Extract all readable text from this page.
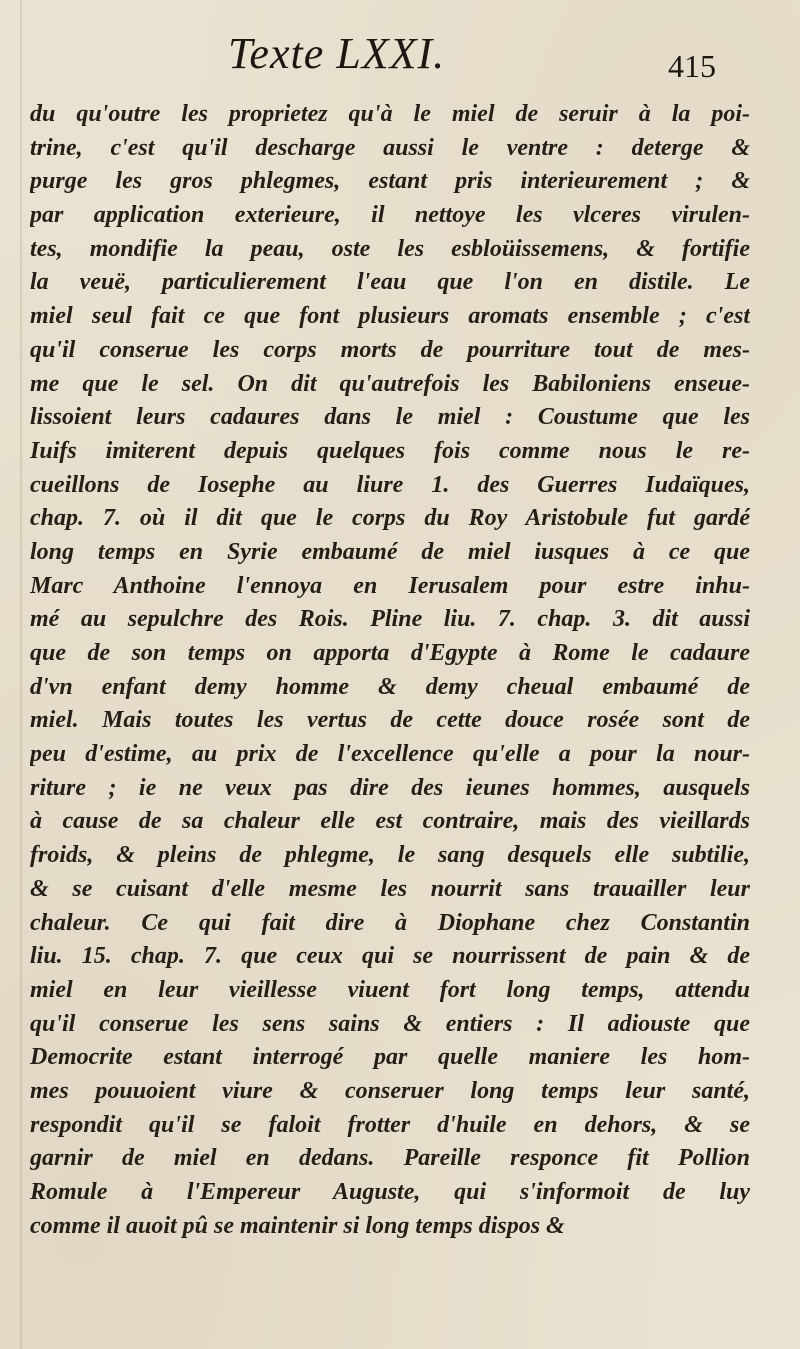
Texte LXXI.	415
du qu'outre les proprietez qu'à le miel de seruir à la poi-
trine, c'est qu'il descharge aussi le ventre : deterge &
purge les gros phlegmes, estant pris interieurement ; &
par application exterieure, il nettoye les vlceres virulen-
tes, mondifie la peau, oste les esbloüissemens, & fortifie
la veuë, particulierement l'eau que l'on en distile. Le
miel seul fait ce que font plusieurs aromats ensemble ; c'est
qu'il conserue les corps morts de pourriture tout de mes-
me que le sel. On dit qu'autrefois les Babiloniens enseue-
lissoient leurs cadaures dans le miel : Coustume que les
Iuifs imiterent depuis quelques fois comme nous le re-
cueillons de Iosephe au liure 1. des Guerres Iudaïques,
chap. 7. où il dit que le corps du Roy Aristobule fut gardé
long temps en Syrie embaumé de miel iusques à ce que
Marc Anthoine l'ennoya en Ierusalem pour estre inhu-
mé au sepulchre des Rois. Pline liu. 7. chap. 3. dit aussi
que de son temps on apporta d'Egypte à Rome le cadaure
d'vn enfant demy homme & demy cheual embaumé de
miel. Mais toutes les vertus de cette douce rosée sont de
peu d'estime, au prix de l'excellence qu'elle a pour la nour-
riture ; ie ne veux pas dire des ieunes hommes, ausquels
à cause de sa chaleur elle est contraire, mais des vieillards
froids, & pleins de phlegme, le sang desquels elle subtilie,
& se cuisant d'elle mesme les nourrit sans trauailler leur
chaleur. Ce qui fait dire à Diophane chez Constantin
liu. 15. chap. 7. que ceux qui se nourrissent de pain & de
miel en leur vieillesse viuent fort long temps, attendu
qu'il conserue les sens sains & entiers : Il adiouste que
Democrite estant interrogé par quelle maniere les hom-
mes pouuoient viure & conseruer long temps leur santé,
respondit qu'il se faloit frotter d'huile en dehors, & se
garnir de miel en dedans. Pareille responce fit Pollion
Romule à l'Empereur Auguste, qui s'informoit de luy
comme il auoit pû se maintenir si long temps dispos &
